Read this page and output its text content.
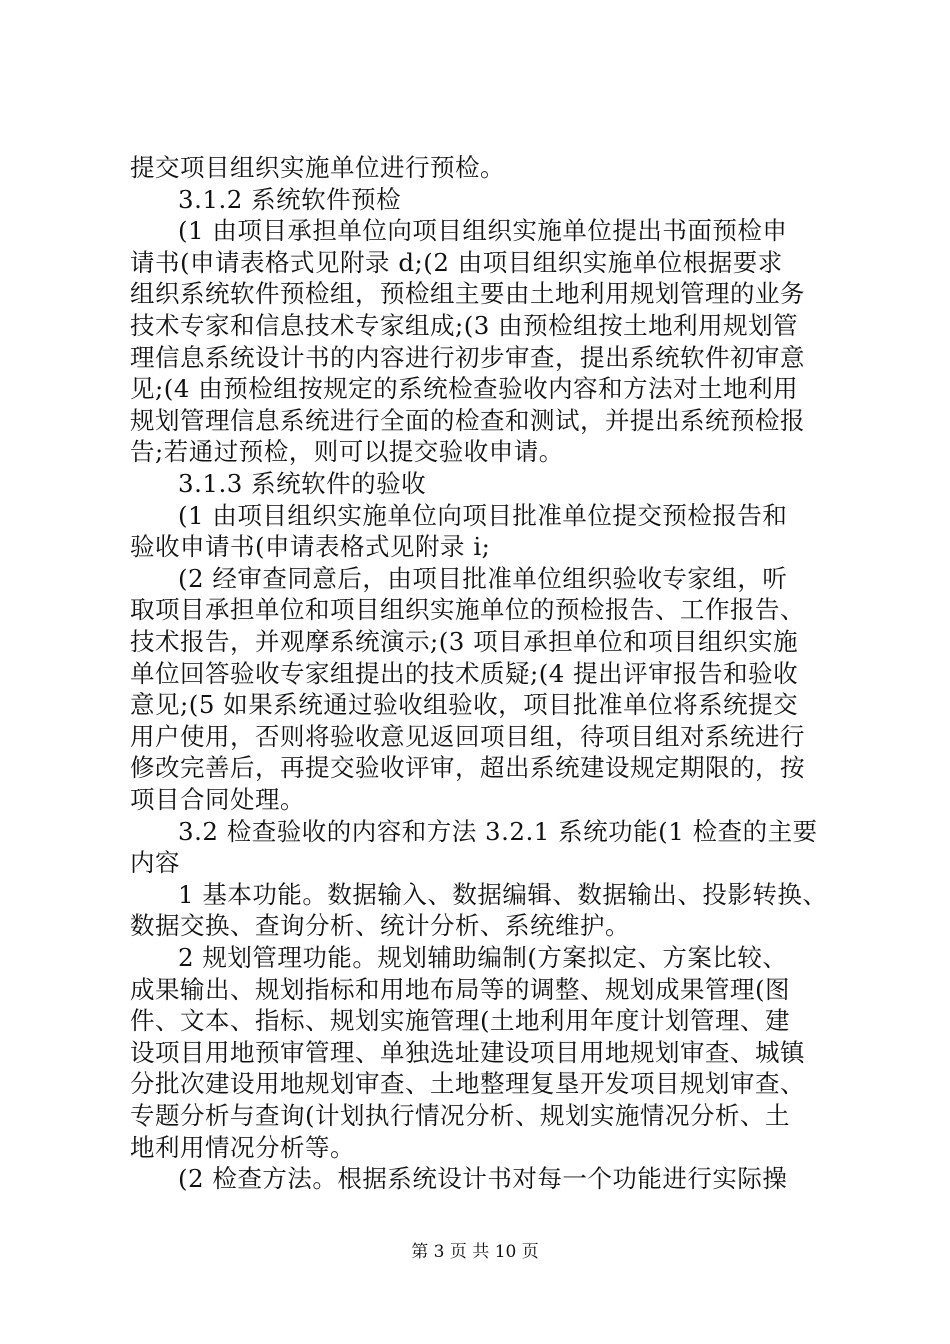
提交项目组织实施单位进行预检。
3.1.2 系统软件预检
(1 由项目承担单位向项目组织实施单位提出书面预检申
请书(申请表格式见附录 d;(2 由项目组织实施单位根据要求
组织系统软件预检组，预检组主要由土地利用规划管理的业务
技术专家和信息技术专家组成;(3 由预检组按土地利用规划管
理信息系统设计书的内容进行初步审查，提出系统软件初审意
见;(4 由预检组按规定的系统检查验收内容和方法对土地利用
规划管理信息系统进行全面的检查和测试，并提出系统预检报
告;若通过预检，则可以提交验收申请。
3.1.3 系统软件的验收
(1 由项目组织实施单位向项目批准单位提交预检报告和
验收申请书(申请表格式见附录 i;
(2 经审查同意后，由项目批准单位组织验收专家组，听
取项目承担单位和项目组织实施单位的预检报告、工作报告、
技术报告，并观摩系统演示;(3 项目承担单位和项目组织实施
单位回答验收专家组提出的技术质疑;(4 提出评审报告和验收
意见;(5 如果系统通过验收组验收，项目批准单位将系统提交
用户使用，否则将验收意见返回项目组，待项目组对系统进行
修改完善后，再提交验收评审，超出系统建设规定期限的，按
项目合同处理。
3.2 检查验收的内容和方法 3.2.1 系统功能(1 检查的主要
内容
1 基本功能。数据输入、数据编辑、数据输出、投影转换、
数据交换、查询分析、统计分析、系统维护。
2 规划管理功能。规划辅助编制(方案拟定、方案比较、
成果输出、规划指标和用地布局等的调整、规划成果管理(图
件、文本、指标、规划实施管理(土地利用年度计划管理、建
设项目用地预审管理、单独选址建设项目用地规划审查、城镇
分批次建设用地规划审查、土地整理复垦开发项目规划审查、
专题分析与查询(计划执行情况分析、规划实施情况分析、土
地利用情况分析等。
(2 检查方法。根据系统设计书对每一个功能进行实际操
第 3 页 共 10 页
